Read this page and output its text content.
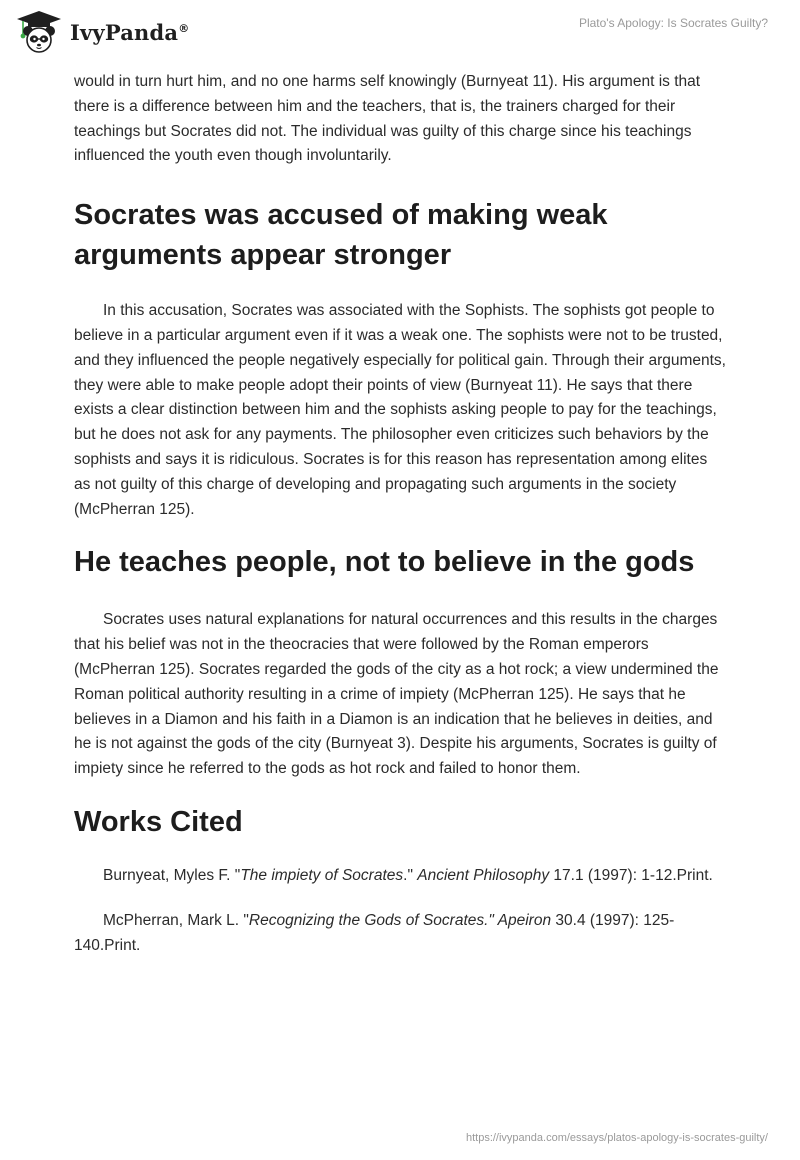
IvyPanda®	Plato's Apology: Is Socrates Guilty?

would in turn hurt him, and no one harms self knowingly (Burnyeat 11). His argument is that there is a difference between him and the teachers, that is, the trainers charged for their teachings but Socrates did not. The individual was guilty of this charge since his teachings influenced the youth even though involuntarily.

Socrates was accused of making weak arguments appear stronger

In this accusation, Socrates was associated with the Sophists. The sophists got people to believe in a particular argument even if it was a weak one. The sophists were not to be trusted, and they influenced the people negatively especially for political gain. Through their arguments, they were able to make people adopt their points of view (Burnyeat 11). He says that there exists a clear distinction between him and the sophists asking people to pay for the teachings, but he does not ask for any payments. The philosopher even criticizes such behaviors by the sophists and says it is ridiculous. Socrates is for this reason has representation among elites as not guilty of this charge of developing and propagating such arguments in the society (McPherran 125).

He teaches people, not to believe in the gods

Socrates uses natural explanations for natural occurrences and this results in the charges that his belief was not in the theocracies that were followed by the Roman emperors (McPherran 125). Socrates regarded the gods of the city as a hot rock; a view undermined the Roman political authority resulting in a crime of impiety (McPherran 125). He says that he believes in a Diamon and his faith in a Diamon is an indication that he believes in deities, and he is not against the gods of the city (Burnyeat 3). Despite his arguments, Socrates is guilty of impiety since he referred to the gods as hot rock and failed to honor them.

Works Cited

Burnyeat, Myles F. "The impiety of Socrates." Ancient Philosophy 17.1 (1997): 1-12.Print.

McPherran, Mark L. "Recognizing the Gods of Socrates." Apeiron 30.4 (1997): 125-140.Print.

https://ivypanda.com/essays/platos-apology-is-socrates-guilty/
